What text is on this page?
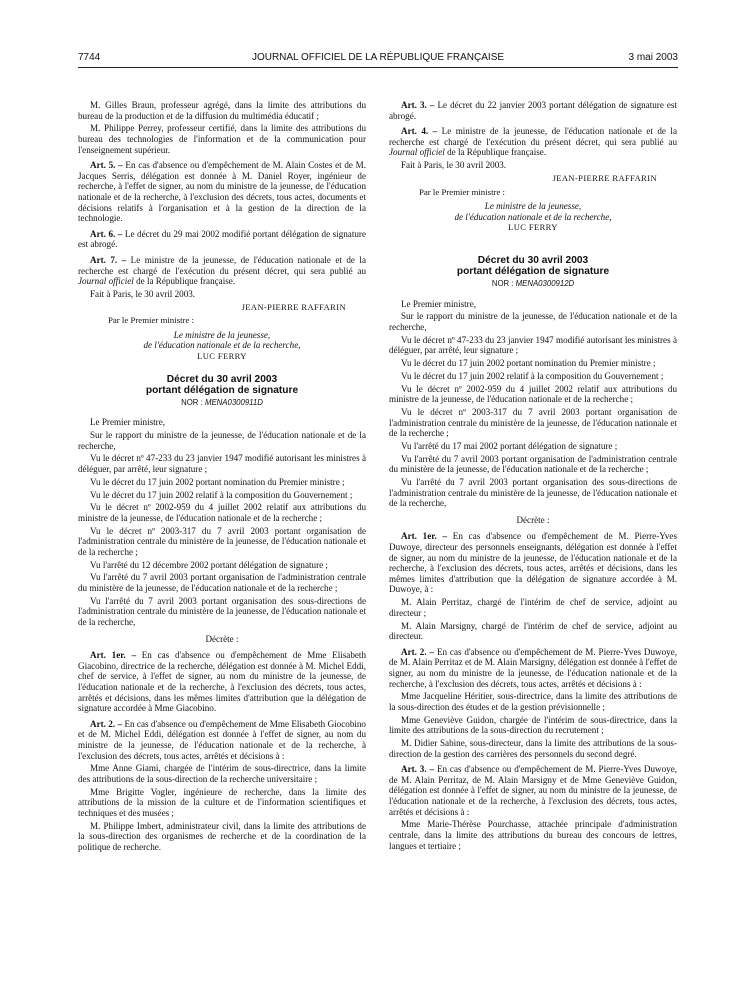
7744	JOURNAL OFFICIEL DE LA RÉPUBLIQUE FRANÇAISE	3 mai 2003

M. Gilles Braun, professeur agrégé, dans la limite des attributions du bureau de la production et de la diffusion du multimédia éducatif ;

M. Philippe Perrey, professeur certifié, dans la limite des attributions du bureau des technologies de l'information et de la communication pour l'enseignement supérieur.

Art. 5. – En cas d'absence ou d'empêchement de M. Alain Costes et de M. Jacques Serris, délégation est donnée à M. Daniel Royer, ingénieur de recherche, à l'effet de signer, au nom du ministre de la jeunesse, de l'éducation nationale et de la recherche, à l'exclusion des décrets, tous actes, documents et décisions relatifs à l'organisation et à la gestion de la direction de la technologie.

Art. 6. – Le décret du 29 mai 2002 modifié portant délégation de signature est abrogé.

Art. 7. – Le ministre de la jeunesse, de l'éducation nationale et de la recherche est chargé de l'exécution du présent décret, qui sera publié au Journal officiel de la République française.

Fait à Paris, le 30 avril 2003.

JEAN-PIERRE RAFFARIN
Par le Premier ministre :
Le ministre de la jeunesse,
de l'éducation nationale et de la recherche,
LUC FERRY
Décret du 30 avril 2003
portant délégation de signature
NOR : MENA0300911D

Le Premier ministre,

Sur le rapport du ministre de la jeunesse, de l'éducation nationale et de la recherche,

Vu le décret nº 47-233 du 23 janvier 1947 modifié autorisant les ministres à déléguer, par arrêté, leur signature ;

Vu le décret du 17 juin 2002 portant nomination du Premier ministre ;

Vu le décret du 17 juin 2002 relatif à la composition du Gouvernement ;

Vu le décret nº 2002-959 du 4 juillet 2002 relatif aux attributions du ministre de la jeunesse, de l'éducation nationale et de la recherche ;

Vu le décret nº 2003-317 du 7 avril 2003 portant organisation de l'administration centrale du ministère de la jeunesse, de l'éducation nationale et de la recherche ;

Vu l'arrêté du 12 décembre 2002 portant délégation de signature ;

Vu l'arrêté du 7 avril 2003 portant organisation de l'administration centrale du ministère de la jeunesse, de l'éducation nationale et de la recherche ;

Vu l'arrêté du 7 avril 2003 portant organisation des sous-directions de l'administration centrale du ministère de la jeunesse, de l'éducation nationale et de la recherche,

Décrète :

Art. 1er. – En cas d'absence ou d'empêchement de Mme Elisabeth Giacobino, directrice de la recherche, délégation est donnée à M. Michel Eddi, chef de service, à l'effet de signer, au nom du ministre de la jeunesse, de l'éducation nationale et de la recherche, à l'exclusion des décrets, tous actes, arrêtés et décisions, dans les mêmes limites d'attribution que la délégation de signature accordée à Mme Giacobino.

Art. 2. – En cas d'absence ou d'empêchement de Mme Elisabeth Giocobino et de M. Michel Eddi, délégation est donnée à l'effet de signer, au nom du ministre de la jeunesse, de l'éducation nationale et de la recherche, à l'exclusion des décrets, tous actes, arrêtés et décisions à :

Mme Anne Giami, chargée de l'intérim de sous-directrice, dans la limite des attributions de la sous-direction de la recherche universitaire ;

Mme Brigitte Vogler, ingénieure de recherche, dans la limite des attributions de la mission de la culture et de l'information scientifiques et techniques et des musées ;

M. Philippe Imbert, administrateur civil, dans la limite des attributions de la sous-direction des organismes de recherche et de la coordination de la politique de recherche.

Art. 3. – Le décret du 22 janvier 2003 portant délégation de signature est abrogé.

Art. 4. – Le ministre de la jeunesse, de l'éducation nationale et de la recherche est chargé de l'exécution du présent décret, qui sera publié au Journal officiel de la République française.

Fait à Paris, le 30 avril 2003.

JEAN-PIERRE RAFFARIN
Par le Premier ministre :
Le ministre de la jeunesse,
de l'éducation nationale et de la recherche,
LUC FERRY
Décret du 30 avril 2003
portant délégation de signature
NOR : MENA0300912D

Le Premier ministre,

Sur le rapport du ministre de la jeunesse, de l'éducation nationale et de la recherche,

Vu le décret nº 47-233 du 23 janvier 1947 modifié autorisant les ministres à déléguer, par arrêté, leur signature ;

Vu le décret du 17 juin 2002 portant nomination du Premier ministre ;

Vu le décret du 17 juin 2002 relatif à la composition du Gouvernement ;

Vu le décret nº 2002-959 du 4 juillet 2002 relatif aux attributions du ministre de la jeunesse, de l'éducation nationale et de la recherche ;

Vu le décret nº 2003-317 du 7 avril 2003 portant organisation de l'administration centrale du ministère de la jeunesse, de l'éducation nationale et de la recherche ;

Vu l'arrêté du 17 mai 2002 portant délégation de signature ;

Vu l'arrêté du 7 avril 2003 portant organisation de l'administration centrale du ministère de la jeunesse, de l'éducation nationale et de la recherche ;

Vu l'arrêté du 7 avril 2003 portant organisation des sous-directions de l'administration centrale du ministère de la jeunesse, de l'éducation nationale et de la recherche,

Décrète :

Art. 1er. – En cas d'absence ou d'empêchement de M. Pierre-Yves Duwoye, directeur des personnels enseignants, délégation est donnée à l'effet de signer, au nom du ministre de la jeunesse, de l'éducation nationale et de la recherche, à l'exclusion des décrets, tous actes, arrêtés et décisions, dans les mêmes limites d'attribution que la délégation de signature accordée à M. Duwoye, à :

M. Alain Perritaz, chargé de l'intérim de chef de service, adjoint au directeur ;

M. Alain Marsigny, chargé de l'intérim de chef de service, adjoint au directeur.

Art. 2. – En cas d'absence ou d'empêchement de M. Pierre-Yves Duwoye, de M. Alain Perritaz et de M. Alain Marsigny, délégation est donnée à l'effet de signer, au nom du ministre de la jeunesse, de l'éducation nationale et de la recherche, à l'exclusion des décrets, tous actes, arrêtés et décisions à :

Mme Jacqueline Héritier, sous-directrice, dans la limite des attributions de la sous-direction des études et de la gestion prévisionnelle ;

Mme Geneviève Guidon, chargée de l'intérim de sous-directrice, dans la limite des attributions de la sous-direction du recrutement ;

M. Didier Sabine, sous-directeur, dans la limite des attributions de la sous-direction de la gestion des carrières des personnels du second degré.

Art. 3. – En cas d'absence ou d'empêchement de M. Pierre-Yves Duwoye, de M. Alain Perritaz, de M. Alain Marsigny et de Mme Geneviève Guidon, délégation est donnée à l'effet de signer, au nom du ministre de la jeunesse, de l'éducation nationale et de la recherche, à l'exclusion des décrets, tous actes, arrêtés et décisions à :

Mme Marie-Thérèse Pourchasse, attachée principale d'administration centrale, dans la limite des attributions du bureau des concours de lettres, langues et tertiaire ;
